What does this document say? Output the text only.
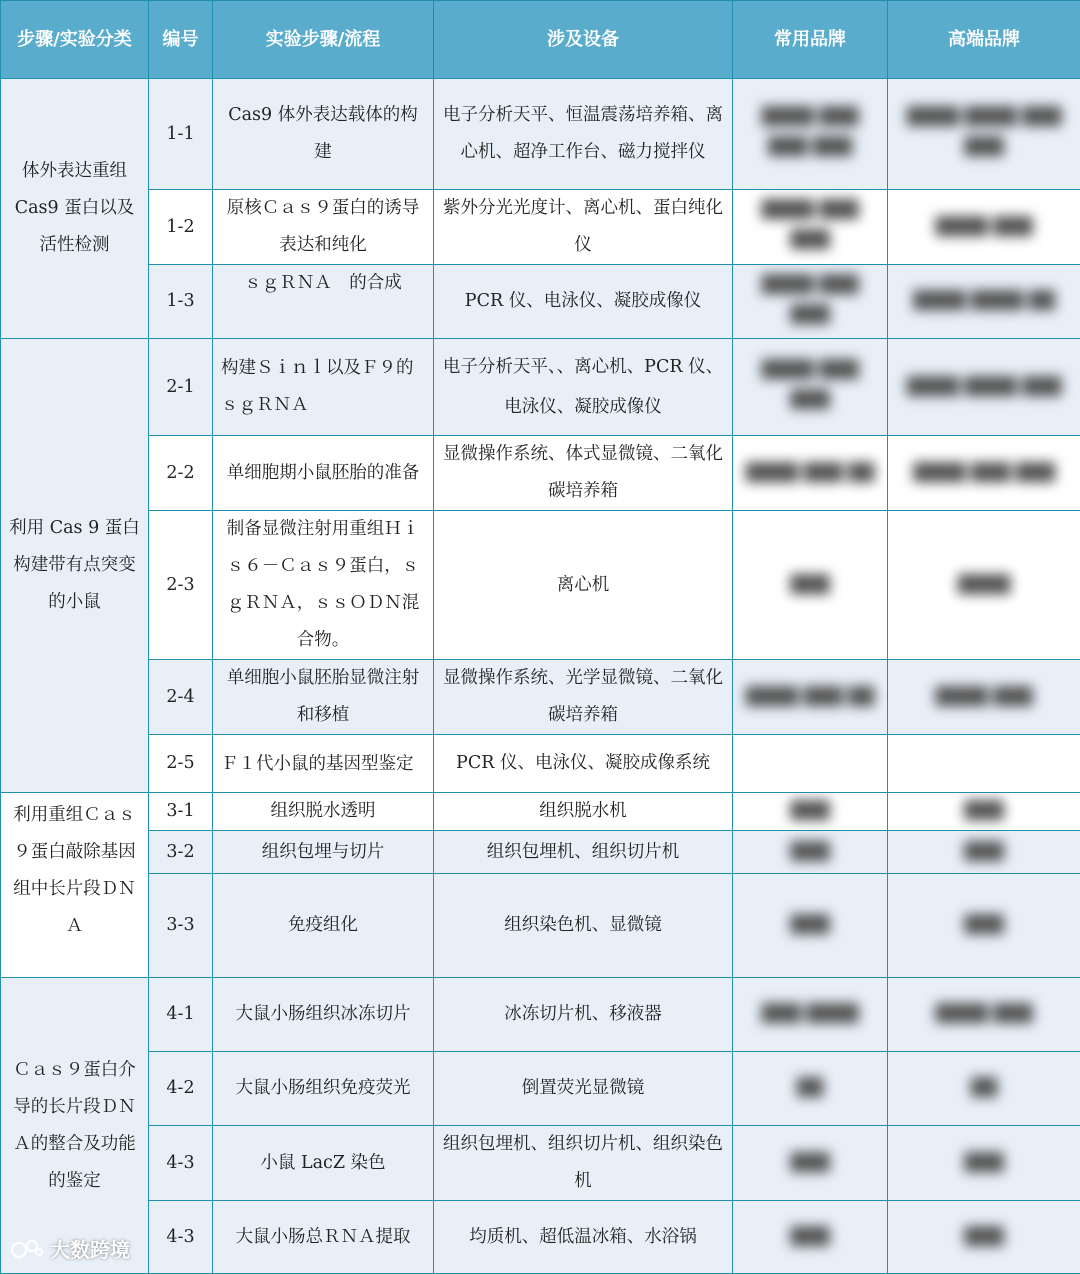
步骤/实验分类	编号	实验步骤/流程	涉及设备	常用品牌	高端品牌
体外表达重组Cas9 蛋白以及活性检测	1-1	Cas9 体外表达载体的构建	电子分析天平、恒温震荡培养箱、离心机、超净工作台、磁力搅拌仪	████ ███ ███ ███	████ ████ ███ ███
	1-2	原核Ｃａｓ９蛋白的诱导表达和纯化	紫外分光光度计、离心机、蛋白纯化仪	████ ███ ███	████ ███
	1-3	ｓｇＲＮＡ　的合成	PCR 仪、电泳仪、凝胶成像仪	████ ███ ███	████ ████ ██
利用 Cas 9 蛋白构建带有点突变的小鼠	2-1	构建Ｓｉｎｌ以及Ｆ９的ｓｇＲＮＡ	电子分析天平、、离心机、PCR 仪、电泳仪、凝胶成像仪	████ ███ ███	████ ████ ███
	2-2	单细胞期小鼠胚胎的准备	显微操作系统、体式显微镜、二氧化碳培养箱	████ ███ ██	████ ███ ███
	2-3	制备显微注射用重组Ｈｉｓ６－Ｃａｓ９蛋白，ｓｇＲＮＡ，ｓｓＯＤＮ混合物。	离心机	███	████
	2-4	单细胞小鼠胚胎显微注射和移植	显微操作系统、光学显微镜、二氧化碳培养箱	████ ███ ██	████ ███
	2-5	Ｆ１代小鼠的基因型鉴定	PCR 仪、电泳仪、凝胶成像系统		
利用重组Ｃａｓ９蛋白敲除基因组中长片段ＤＮＡ	3-1	组织脱水透明	组织脱水机	███	███
	3-2	组织包埋与切片	组织包埋机、组织切片机	███	███
	3-3	免疫组化	组织染色机、显微镜	███	███
Ｃａｓ９蛋白介导的长片段ＤＮＡ的整合及功能的鉴定	4-1	大鼠小肠组织冰冻切片	冰冻切片机、移液器	███ ████	████ ███
	4-2	大鼠小肠组织免疫荧光	倒置荧光显微镜	██	██
	4-3	小鼠 LacZ 染色	组织包埋机、组织切片机、组织染色机	███	███
	4-3	大鼠小肠总ＲＮＡ提取	均质机、超低温冰箱、水浴锅	███	███
大数跨境
